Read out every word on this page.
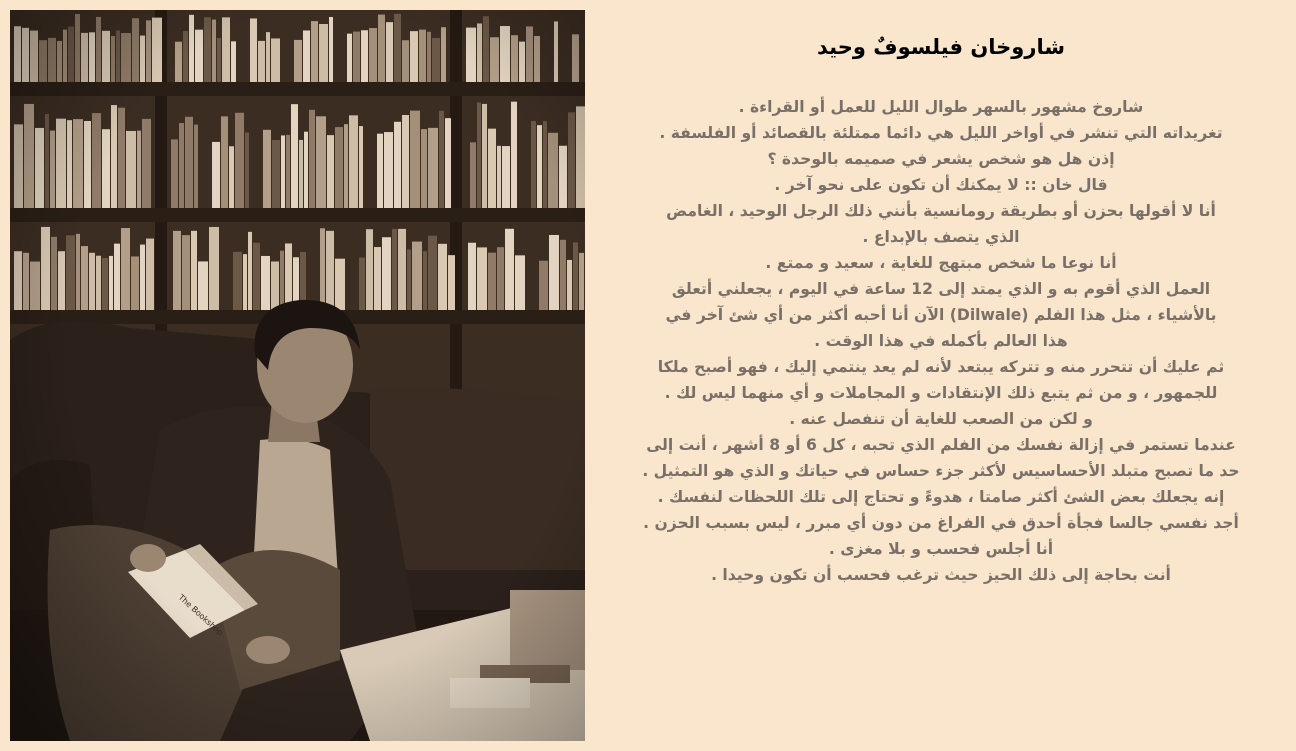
شاروخان فيلسوفٌ وحيد
شاروخ مشهور بالسهر طوال الليل للعمل أو القراءة .
تغريداته التي تنشر في أواخر الليل هي دائما ممتلئة بالقصائد أو الفلسفة .
إذن هل هو شخص يشعر في صميمه بالوحدة ؟
قال خان :: لا يمكنك أن تكون على نحو آخر .
أنا لا أقولها بحزن أو بطريقة رومانسية بأنني ذلك الرجل الوحيد ، الغامض
الذي يتصف بالإبداع .
أنا نوعا ما شخص مبتهج للغاية ، سعيد و ممتع .
العمل الذي أقوم به و الذي يمتد إلى 12 ساعة في اليوم ، يجعلني أتعلق
بالأشياء ، مثل هذا الفلم (Dilwale) الآن أنا أحبه أكثر من أي شئ آخر في
هذا العالم بأكمله في هذا الوقت .
ثم عليك أن تتحرر منه و تتركه يبتعد لأنه لم يعد ينتمي إليك ، فهو أصبح ملكا
للجمهور ، و من ثم يتبع ذلك الإنتقادات و المجاملات و أي منهما ليس لك .
و لكن من الصعب للغاية أن تنفصل عنه .
عندما تستمر في إزالة نفسك من الفلم الذي تحبه ، كل 6 أو 8 أشهر ، أنت إلى
حد ما تصبح متبلد الأحساسيس لأكثر جزء حساس في حياتك و الذي هو التمثيل .
إنه يجعلك بعض الشئ أكثر صامتا ، هدوءً و تحتاج إلى تلك اللحظات لنفسك .
أجد نفسي جالسا فجأة أحدق في الفراغ من دون أي مبرر ، ليس بسبب الحزن .
أنا أجلس فحسب و بلا مغزى .
أنت بحاجة إلى ذلك الحيز حيث ترغب فحسب أن تكون وحيدا .
